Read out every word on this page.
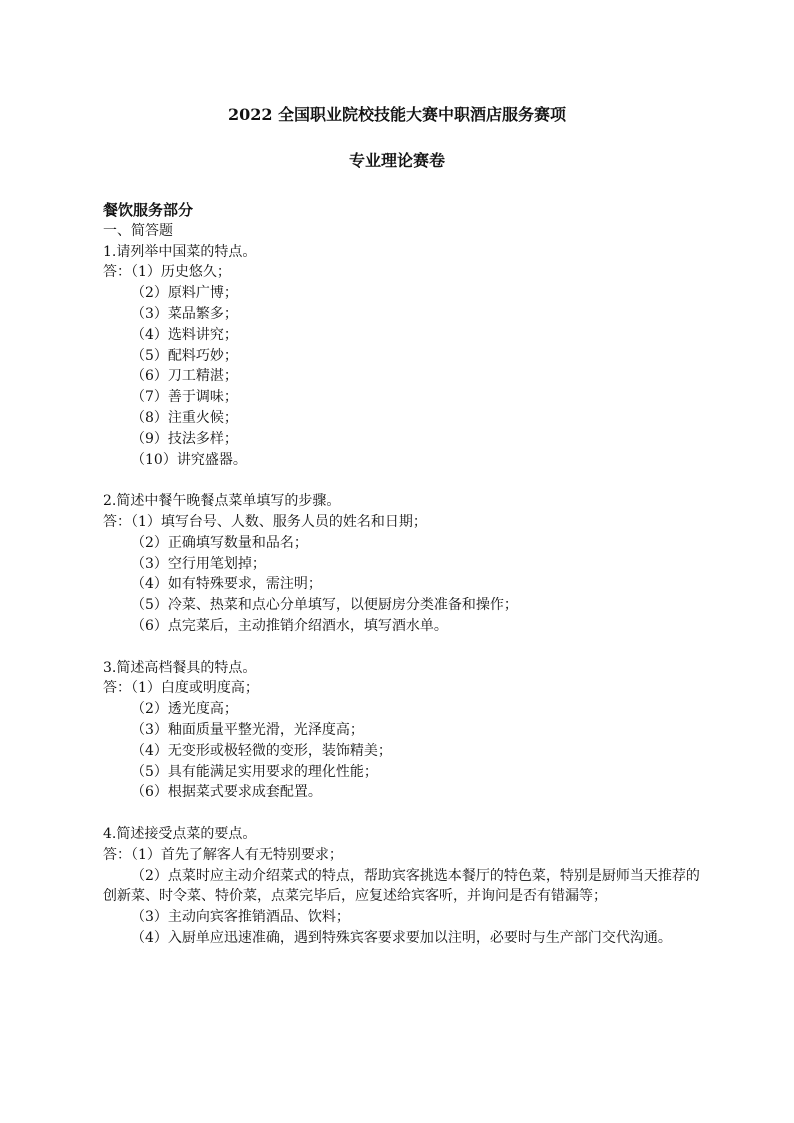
2022 全国职业院校技能大赛中职酒店服务赛项
专业理论赛卷
餐饮服务部分
一、简答题
1.请列举中国菜的特点。
答：（1）历史悠久；
（2）原料广博；
（3）菜品繁多；
（4）选料讲究；
（5）配料巧妙；
（6）刀工精湛；
（7）善于调味；
（8）注重火候；
（9）技法多样；
（10）讲究盛器。
2.简述中餐午晚餐点菜单填写的步骤。
答：（1）填写台号、人数、服务人员的姓名和日期；
（2）正确填写数量和品名；
（3）空行用笔划掉；
（4）如有特殊要求，需注明；
（5）冷菜、热菜和点心分单填写，以便厨房分类准备和操作；
（6）点完菜后，主动推销介绍酒水，填写酒水单。
3.简述高档餐具的特点。
答：（1）白度或明度高；
（2）透光度高；
（3）釉面质量平整光滑，光泽度高；
（4）无变形或极轻微的变形，装饰精美；
（5）具有能满足实用要求的理化性能；
（6）根据菜式要求成套配置。
4.简述接受点菜的要点。
答：（1）首先了解客人有无特别要求；
（2）点菜时应主动介绍菜式的特点，帮助宾客挑选本餐厅的特色菜，特别是厨师当天推荐的创新菜、时令菜、特价菜，点菜完毕后，应复述给宾客听，并询问是否有错漏等；
（3）主动向宾客推销酒品、饮料；
（4）入厨单应迅速准确，遇到特殊宾客要求要加以注明，必要时与生产部门交代沟通。
